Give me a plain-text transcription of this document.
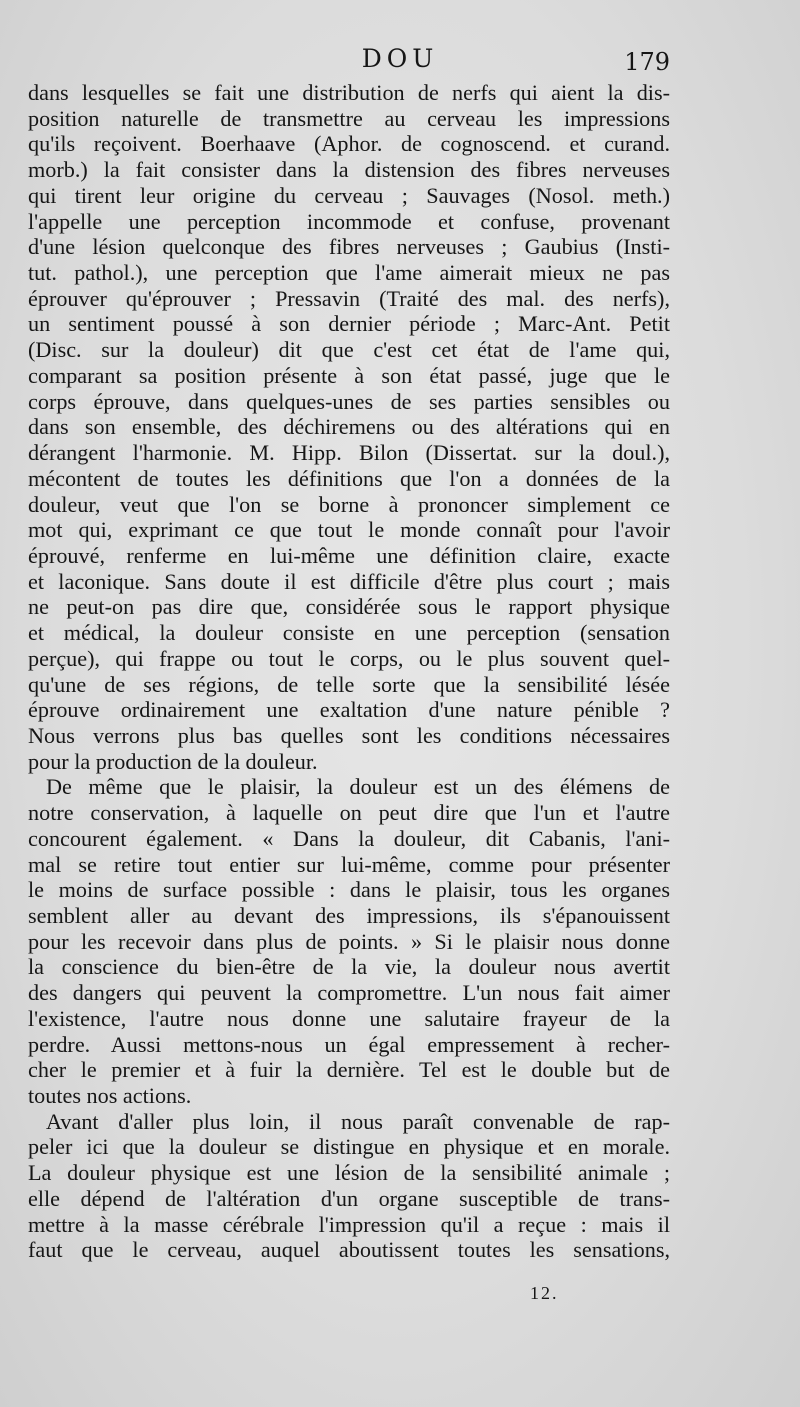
DOU	179
dans lesquelles se fait une distribution de nerfs qui aient la dis-
position naturelle de transmettre au cerveau les impressions
qu'ils reçoivent. Boerhaave (Aphor. de cognoscend. et curand.
morb.) la fait consister dans la distension des fibres nerveuses
qui tirent leur origine du cerveau ; Sauvages (Nosol. meth.)
l'appelle une perception incommode et confuse, provenant
d'une lésion quelconque des fibres nerveuses ; Gaubius (Insti-
tut. pathol.), une perception que l'ame aimerait mieux ne pas
éprouver qu'éprouver ; Pressavin (Traité des mal. des nerfs),
un sentiment poussé à son dernier période ; Marc-Ant. Petit
(Disc. sur la douleur) dit que c'est cet état de l'ame qui,
comparant sa position présente à son état passé, juge que le
corps éprouve, dans quelques-unes de ses parties sensibles ou
dans son ensemble, des déchiremens ou des altérations qui en
dérangent l'harmonie. M. Hipp. Bilon (Dissertat. sur la doul.),
mécontent de toutes les définitions que l'on a données de la
douleur, veut que l'on se borne à prononcer simplement ce
mot qui, exprimant ce que tout le monde connaît pour l'avoir
éprouvé, renferme en lui-même une définition claire, exacte
et laconique. Sans doute il est difficile d'être plus court ; mais
ne peut-on pas dire que, considérée sous le rapport physique
et médical, la douleur consiste en une perception (sensation
perçue), qui frappe ou tout le corps, ou le plus souvent quel-
qu'une de ses régions, de telle sorte que la sensibilité lésée
éprouve ordinairement une exaltation d'une nature pénible ?
Nous verrons plus bas quelles sont les conditions nécessaires
pour la production de la douleur.
De même que le plaisir, la douleur est un des élémens de
notre conservation, à laquelle on peut dire que l'un et l'autre
concourent également. « Dans la douleur, dit Cabanis, l'ani-
mal se retire tout entier sur lui-même, comme pour présenter
le moins de surface possible : dans le plaisir, tous les organes
semblent aller au devant des impressions, ils s'épanouissent
pour les recevoir dans plus de points. » Si le plaisir nous donne
la conscience du bien-être de la vie, la douleur nous avertit
des dangers qui peuvent la compromettre. L'un nous fait aimer
l'existence, l'autre nous donne une salutaire frayeur de la
perdre. Aussi mettons-nous un égal empressement à recher-
cher le premier et à fuir la dernière. Tel est le double but de
toutes nos actions.
Avant d'aller plus loin, il nous paraît convenable de rap-
peler ici que la douleur se distingue en physique et en morale.
La douleur physique est une lésion de la sensibilité animale ;
elle dépend de l'altération d'un organe susceptible de trans-
mettre à la masse cérébrale l'impression qu'il a reçue : mais il
faut que le cerveau, auquel aboutissent toutes les sensations,
12.
